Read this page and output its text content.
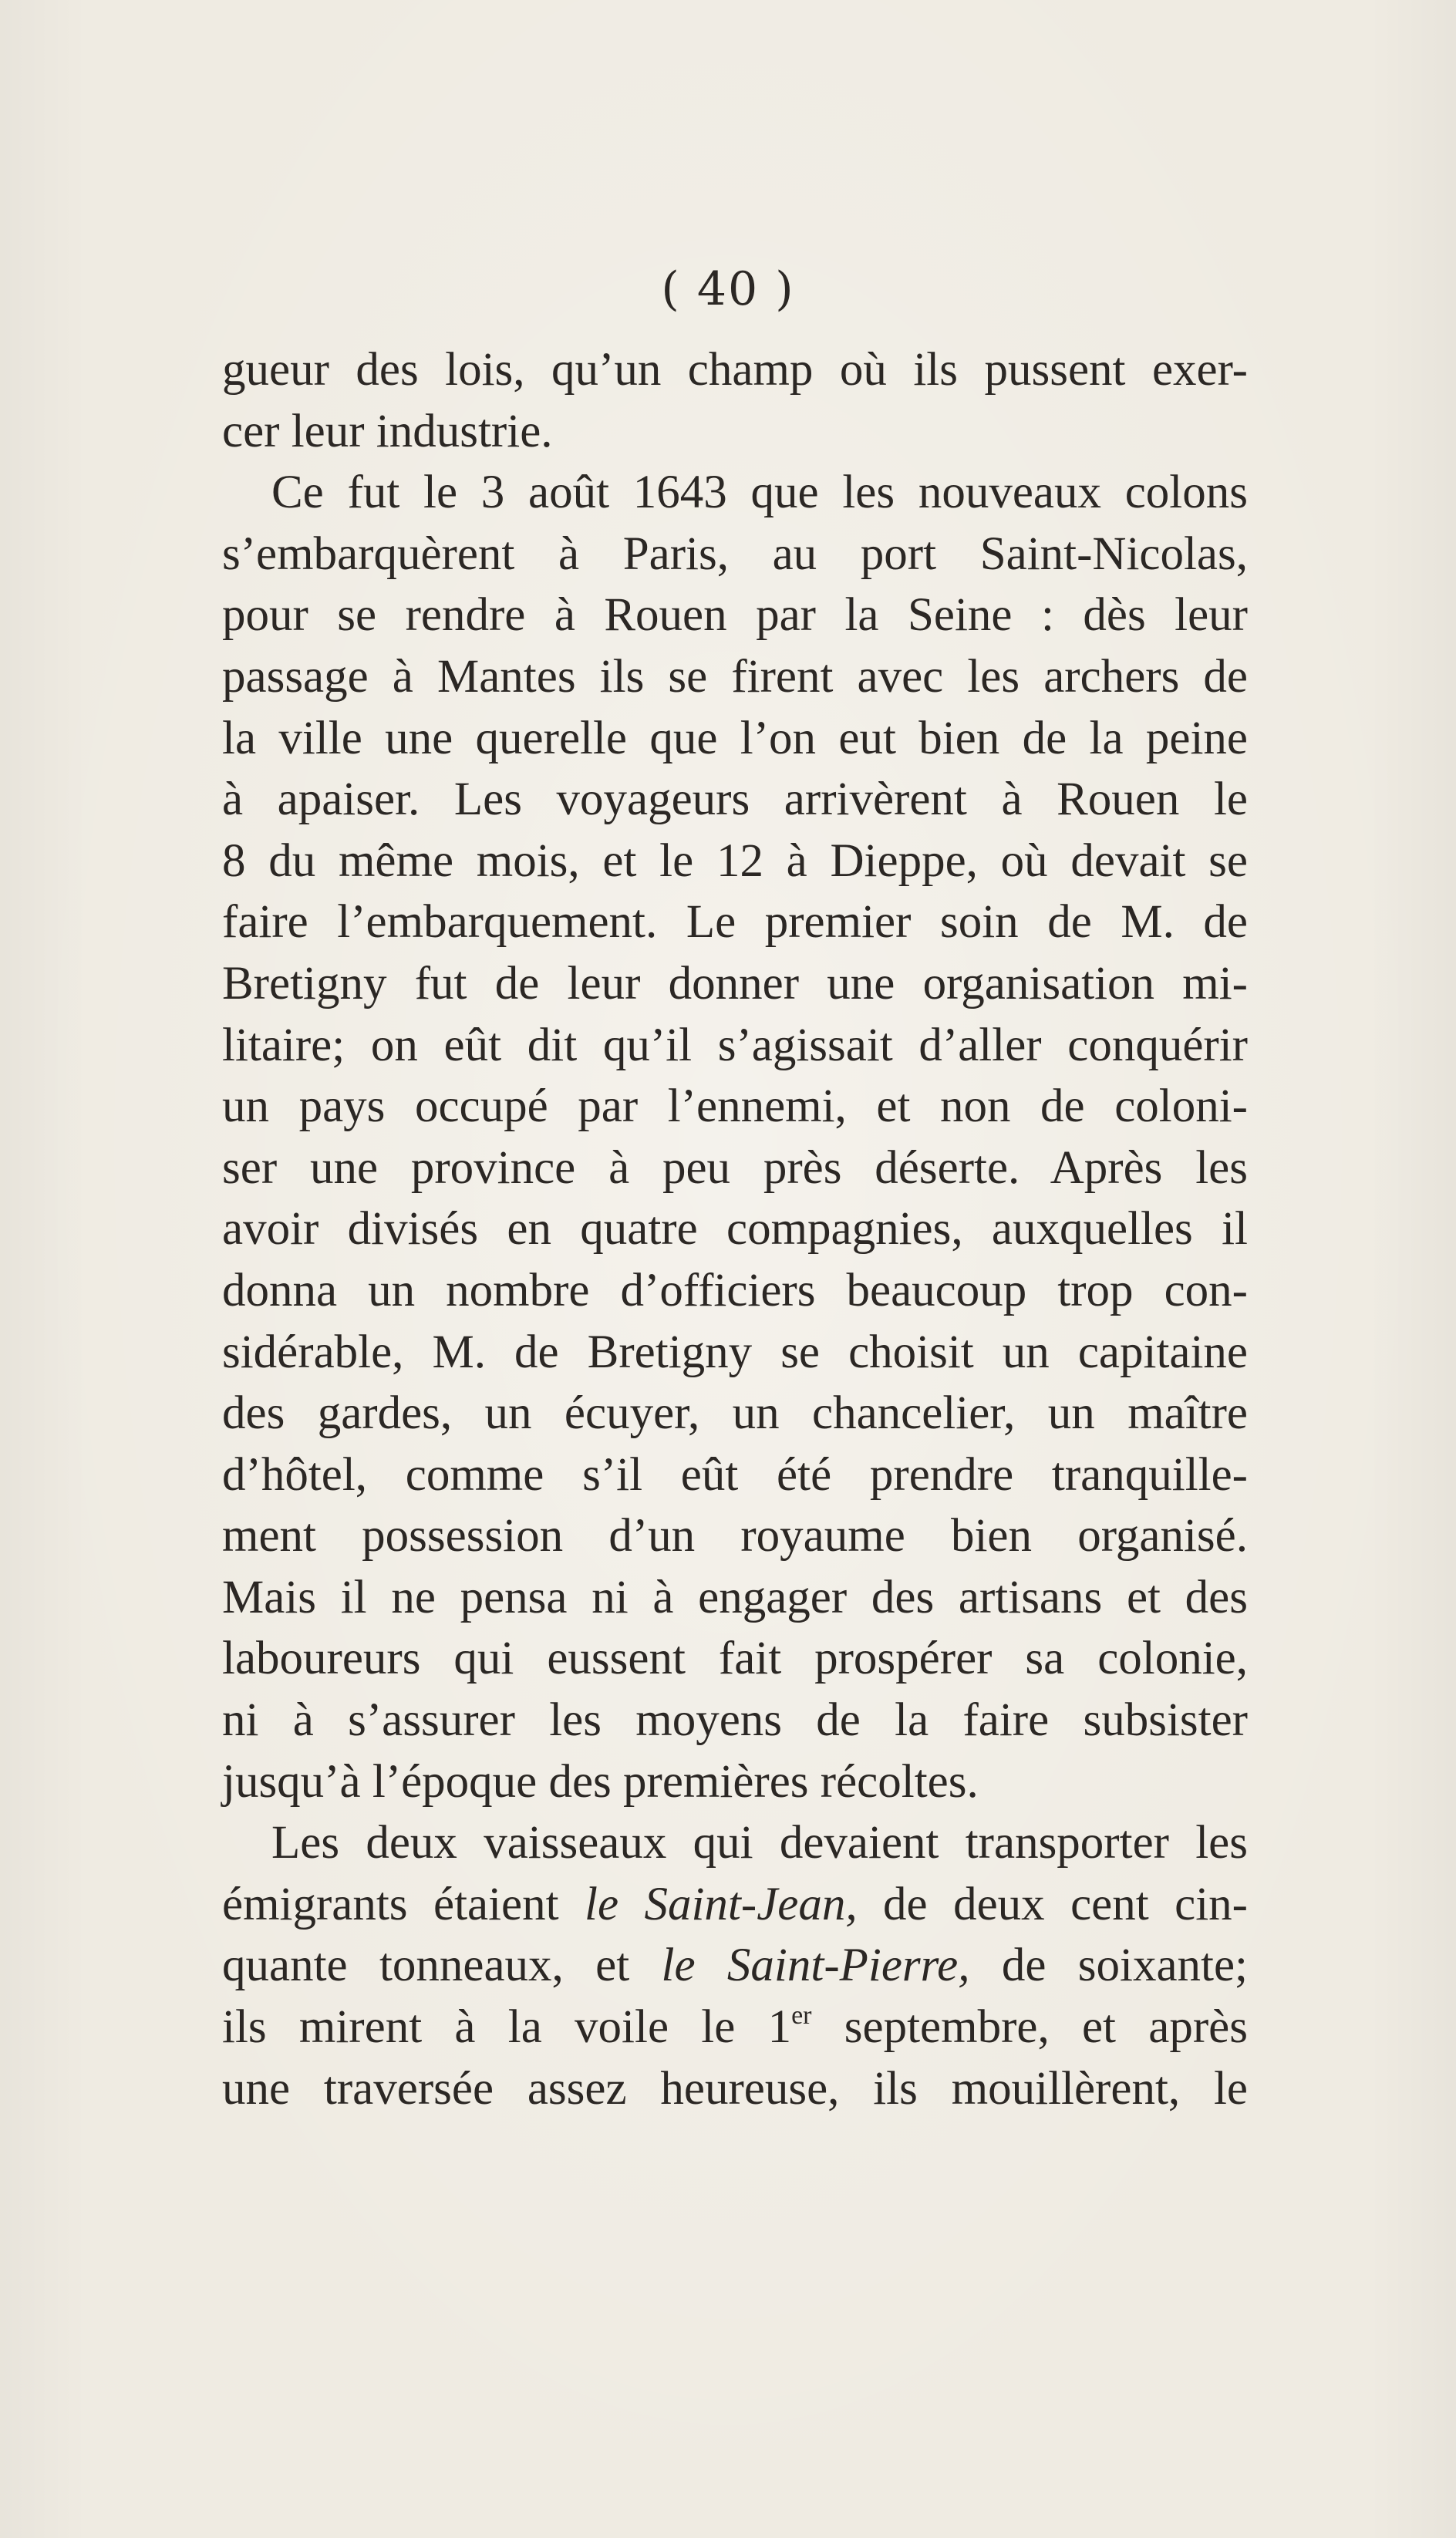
( 40 )
gueur des lois, qu’un champ où ils pussent exer-
cer leur industrie.
Ce fut le 3 août 1643 que les nouveaux colons
s’embarquèrent à Paris, au port Saint-Nicolas,
pour se rendre à Rouen par la Seine : dès leur
passage à Mantes ils se firent avec les archers de
la ville une querelle que l’on eut bien de la peine
à apaiser. Les voyageurs arrivèrent à Rouen le
8 du même mois, et le 12 à Dieppe, où devait se
faire l’embarquement. Le premier soin de M. de
Bretigny fut de leur donner une organisation mi-
litaire; on eût dit qu’il s’agissait d’aller conquérir
un pays occupé par l’ennemi, et non de coloni-
ser une province à peu près déserte. Après les
avoir divisés en quatre compagnies, auxquelles il
donna un nombre d’officiers beaucoup trop con-
sidérable, M. de Bretigny se choisit un capitaine
des gardes, un écuyer, un chancelier, un maître
d’hôtel, comme s’il eût été prendre tranquille-
ment possession d’un royaume bien organisé.
Mais il ne pensa ni à engager des artisans et des
laboureurs qui eussent fait prospérer sa colonie,
ni à s’assurer les moyens de la faire subsister
jusqu’à l’époque des premières récoltes.
Les deux vaisseaux qui devaient transporter les
émigrants étaient le Saint-Jean, de deux cent cin-
quante tonneaux, et le Saint-Pierre, de soixante;
ils mirent à la voile le 1er septembre, et après
une traversée assez heureuse, ils mouillèrent, le
